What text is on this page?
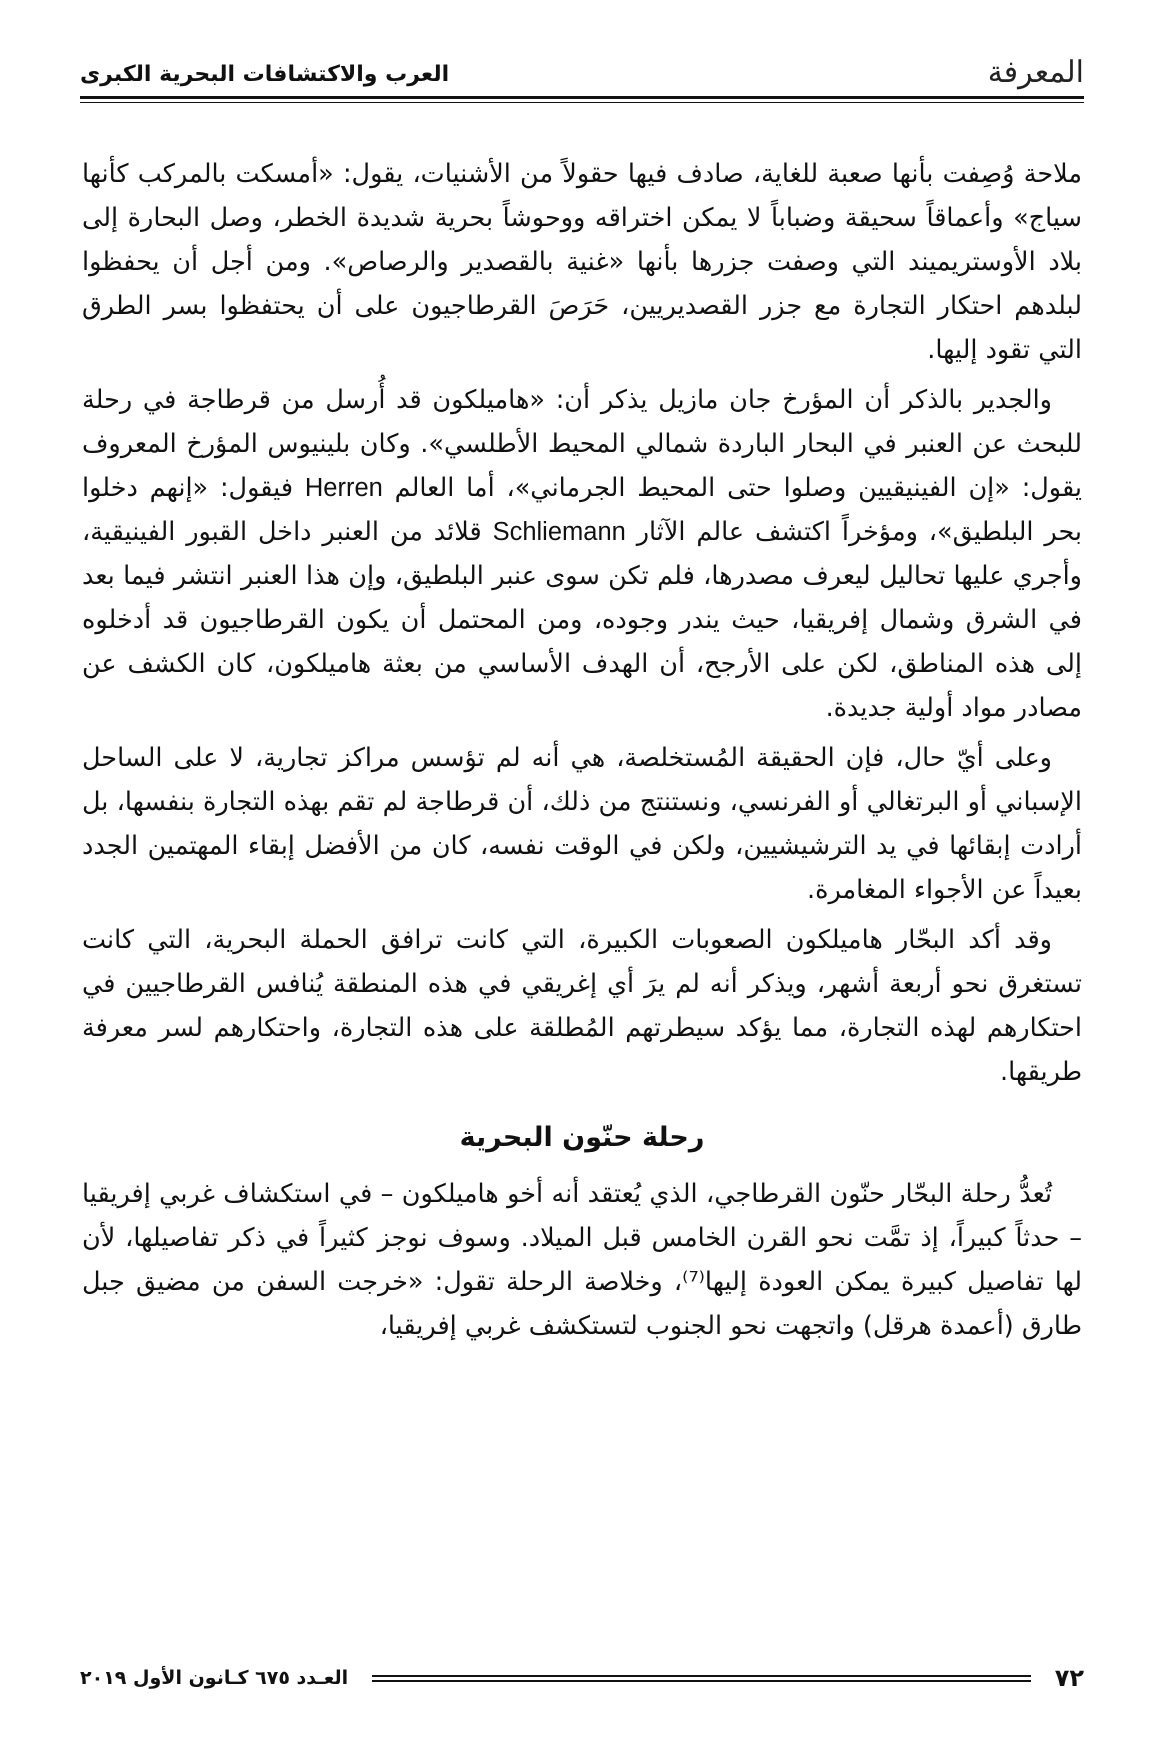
المعرفة
العرب والاكتشافات البحرية الكبرى

ملاحة وُصِفت بأنها صعبة للغاية، صادف فيها حقولاً من الأشنيات، يقول: «أمسكت بالمركب كأنها سياج» وأعماقاً سحيقة وضباباً لا يمكن اختراقه ووحوشاً بحرية شديدة الخطر، وصل البحارة إلى بلاد الأوستريميند التي وصفت جزرها بأنها «غنية بالقصدير والرصاص». ومن أجل أن يحفظوا لبلدهم احتكار التجارة مع جزر القصديريين، حَرَصَ القرطاجيون على أن يحتفظوا بسر الطرق التي تقود إليها.

والجدير بالذكر أن المؤرخ جان مازيل يذكر أن: «هاميلكون قد أُرسل من قرطاجة في رحلة للبحث عن العنبر في البحار الباردة شمالي المحيط الأطلسي». وكان بلينيوس المؤرخ المعروف يقول: «إن الفينيقيين وصلوا حتى المحيط الجرماني»، أما العالم Herren فيقول: «إنهم دخلوا بحر البلطيق»، ومؤخراً اكتشف عالم الآثار Schliemann قلائد من العنبر داخل القبور الفينيقية، وأجري عليها تحاليل ليعرف مصدرها، فلم تكن سوى عنبر البلطيق، وإن هذا العنبر انتشر فيما بعد في الشرق وشمال إفريقيا، حيث يندر وجوده، ومن المحتمل أن يكون القرطاجيون قد أدخلوه إلى هذه المناطق، لكن على الأرجح، أن الهدف الأساسي من بعثة هاميلكون، كان الكشف عن مصادر مواد أولية جديدة.

وعلى أيّ حال، فإن الحقيقة المُستخلصة، هي أنه لم تؤسس مراكز تجارية، لا على الساحل الإسباني أو البرتغالي أو الفرنسي، ونستنتج من ذلك، أن قرطاجة لم تقم بهذه التجارة بنفسها، بل أرادت إبقائها في يد الترشيشيين، ولكن في الوقت نفسه، كان من الأفضل إبقاء المهتمين الجدد بعيداً عن الأجواء المغامرة.

وقد أكد البحّار هاميلكون الصعوبات الكبيرة، التي كانت ترافق الحملة البحرية، التي كانت تستغرق نحو أربعة أشهر، ويذكر أنه لم يرَ أي إغريقي في هذه المنطقة يُنافس القرطاجيين في احتكارهم لهذه التجارة، مما يؤكد سيطرتهم المُطلقة على هذه التجارة، واحتكارهم لسر معرفة طريقها.

رحلة حنّون البحرية

تُعدُّ رحلة البحّار حنّون القرطاجي، الذي يُعتقد أنه أخو هاميلكون – في استكشاف غربي إفريقيا – حدثاً كبيراً، إذ تمَّت نحو القرن الخامس قبل الميلاد. وسوف نوجز كثيراً في ذكر تفاصيلها، لأن لها تفاصيل كبيرة يمكن العودة إليها⁽⁷⁾، وخلاصة الرحلة تقول: «خرجت السفن من مضيق جبل طارق (أعمدة هرقل) واتجهت نحو الجنوب لتستكشف غربي إفريقيا،

٧٢
العـدد ٦٧٥ كـانون الأول ٢٠١٩
